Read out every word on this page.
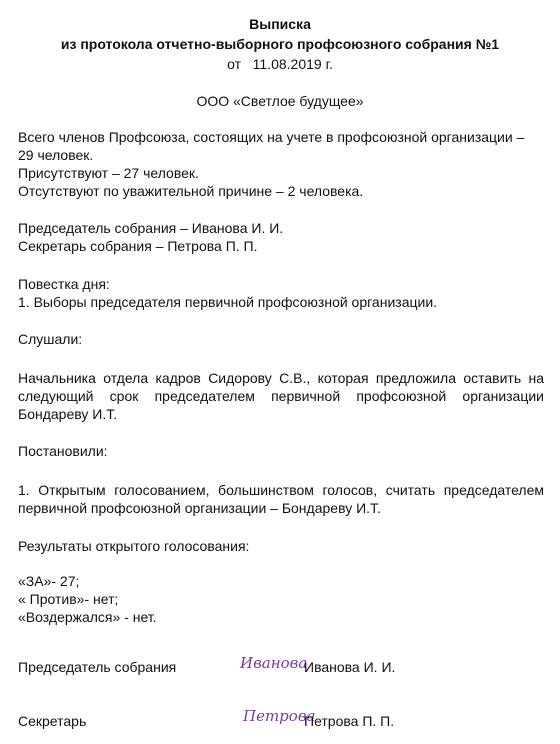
Выписка
из протокола отчетно-выборного профсоюзного собрания №1
от 11.08.2019 г.
ООО «Светлое будущее»
Всего членов Профсоюза, состоящих на учете в профсоюзной организации –
29 человек.
Присутствуют – 27 человек.
Отсутствуют по уважительной причине – 2 человека.
Председатель собрания – Иванова И. И.
Секретарь собрания – Петрова П. П.
Повестка дня:
1. Выборы председателя первичной профсоюзной организации.
Слушали:
Начальника отдела кадров Сидорову С.В., которая предложила оставить на
следующий срок председателем первичной профсоюзной организации
Бондареву И.Т.
Постановили:
1. Открытым голосованием, большинством голосов, считать председателем
первичной профсоюзной организации – Бондареву И.Т.
Результаты открытого голосования:
«ЗА»- 27;
« Против»- нет;
«Воздержался» - нет.
Председатель собрания	Иванова
Иванова И. И.
Секретарь	Петрова
Петрова П. П.
